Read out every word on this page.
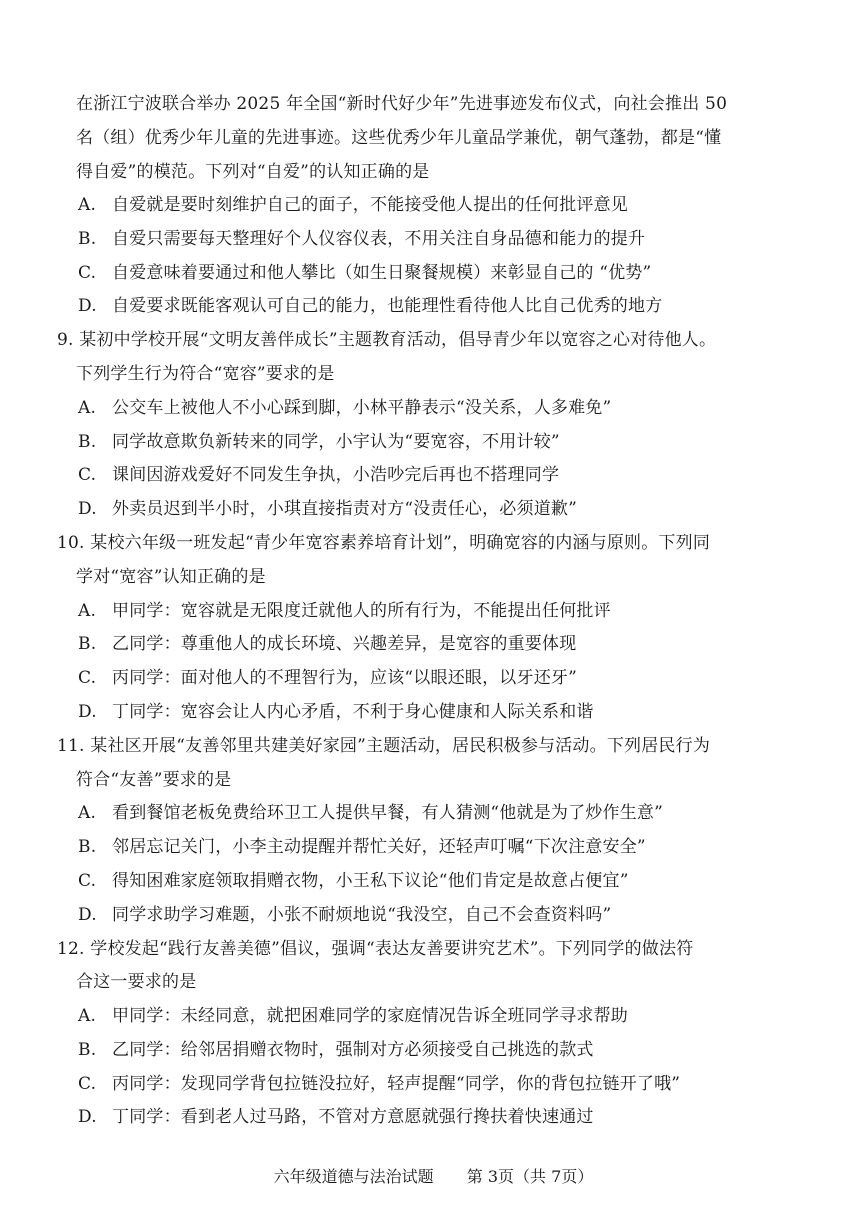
在浙江宁波联合举办 2025 年全国“新时代好少年”先进事迹发布仪式，向社会推出 50
名（组）优秀少年儿童的先进事迹。这些优秀少年儿童品学兼优，朝气蓬勃，都是“懂
得自爱”的模范。下列对“自爱”的认知正确的是
A. 自爱就是要时刻维护自己的面子，不能接受他人提出的任何批评意见
B. 自爱只需要每天整理好个人仪容仪表，不用关注自身品德和能力的提升
C. 自爱意味着要通过和他人攀比（如生日聚餐规模）来彰显自己的 “优势”
D. 自爱要求既能客观认可自己的能力，也能理性看待他人比自己优秀的地方
9. 某初中学校开展“文明友善伴成长”主题教育活动，倡导青少年以宽容之心对待他人。
下列学生行为符合“宽容”要求的是
A. 公交车上被他人不小心踩到脚，小林平静表示“没关系，人多难免”
B. 同学故意欺负新转来的同学，小宇认为“要宽容，不用计较”
C. 课间因游戏爱好不同发生争执，小浩吵完后再也不搭理同学
D. 外卖员迟到半小时，小琪直接指责对方“没责任心，必须道歉”
10. 某校六年级一班发起“青少年宽容素养培育计划”，明确宽容的内涵与原则。下列同
学对“宽容”认知正确的是
A. 甲同学：宽容就是无限度迁就他人的所有行为，不能提出任何批评
B. 乙同学：尊重他人的成长环境、兴趣差异，是宽容的重要体现
C. 丙同学：面对他人的不理智行为，应该“以眼还眼，以牙还牙”
D. 丁同学：宽容会让人内心矛盾，不利于身心健康和人际关系和谐
11. 某社区开展“友善邻里共建美好家园”主题活动，居民积极参与活动。下列居民行为
符合“友善”要求的是
A. 看到餐馆老板免费给环卫工人提供早餐，有人猜测“他就是为了炒作生意”
B. 邻居忘记关门，小李主动提醒并帮忙关好，还轻声叮嘱“下次注意安全”
C. 得知困难家庭领取捐赠衣物，小王私下议论“他们肯定是故意占便宜”
D. 同学求助学习难题，小张不耐烦地说“我没空，自己不会查资料吗”
12. 学校发起“践行友善美德”倡议，强调“表达友善要讲究艺术”。下列同学的做法符
合这一要求的是
A. 甲同学：未经同意，就把困难同学的家庭情况告诉全班同学寻求帮助
B. 乙同学：给邻居捐赠衣物时，强制对方必须接受自己挑选的款式
C. 丙同学：发现同学背包拉链没拉好，轻声提醒“同学，你的背包拉链开了哦”
D. 丁同学：看到老人过马路，不管对方意愿就强行搀扶着快速通过
六年级道德与法治试题 第 3页（共 7页）
